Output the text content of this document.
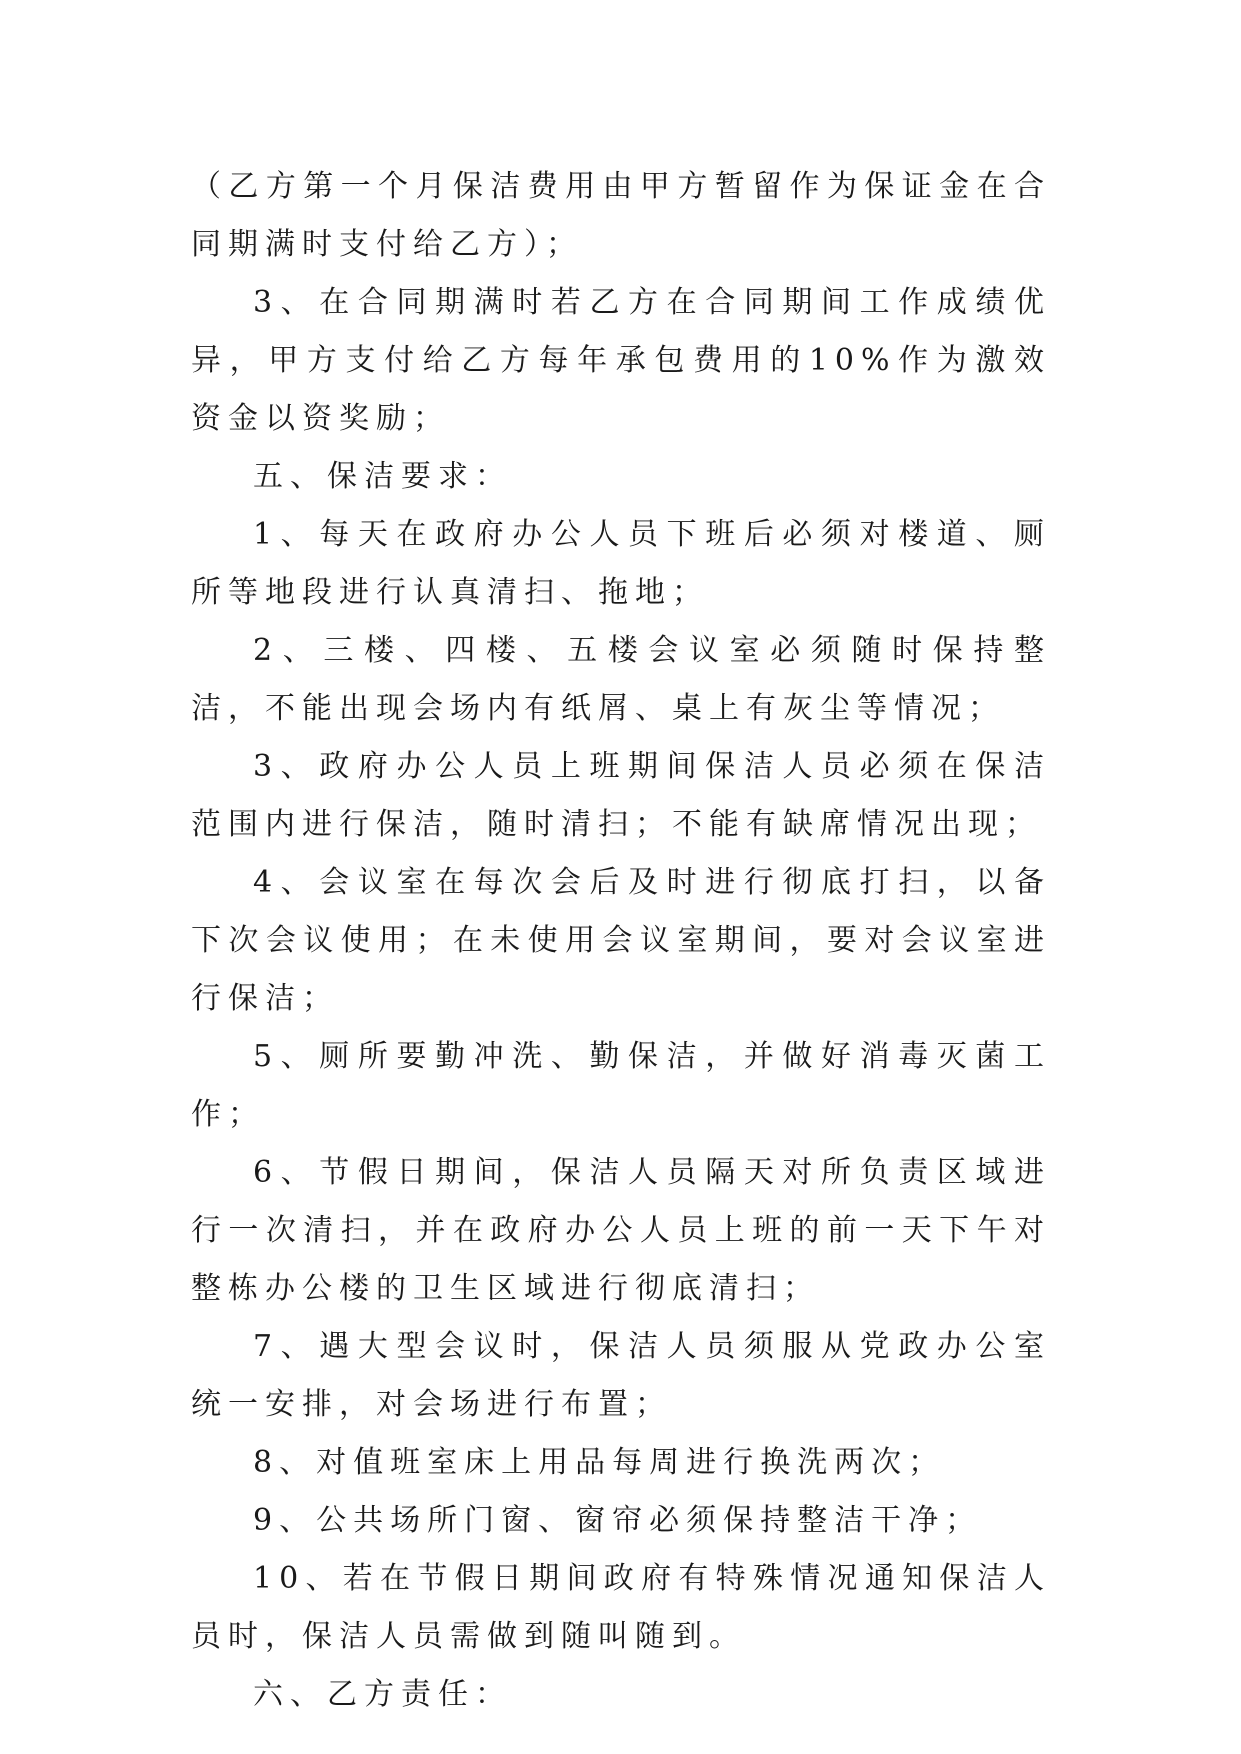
（乙方第一个月保洁费用由甲方暂留作为保证金在合同期满时支付给乙方）；

3、在合同期满时若乙方在合同期间工作成绩优异，甲方支付给乙方每年承包费用的10%作为激效资金以资奖励；

五、保洁要求：

1、每天在政府办公人员下班后必须对楼道、厕所等地段进行认真清扫、拖地；

2、三楼、四楼、五楼会议室必须随时保持整洁，不能出现会场内有纸屑、桌上有灰尘等情况；

3、政府办公人员上班期间保洁人员必须在保洁范围内进行保洁，随时清扫；不能有缺席情况出现；

4、会议室在每次会后及时进行彻底打扫，以备下次会议使用；在未使用会议室期间，要对会议室进行保洁；

5、厕所要勤冲洗、勤保洁，并做好消毒灭菌工作；

6、节假日期间，保洁人员隔天对所负责区域进行一次清扫，并在政府办公人员上班的前一天下午对整栋办公楼的卫生区域进行彻底清扫；

7、遇大型会议时，保洁人员须服从党政办公室统一安排，对会场进行布置；

8、对值班室床上用品每周进行换洗两次；

9、公共场所门窗、窗帘必须保持整洁干净；

10、若在节假日期间政府有特殊情况通知保洁人员时，保洁人员需做到随叫随到。

六、乙方责任：
